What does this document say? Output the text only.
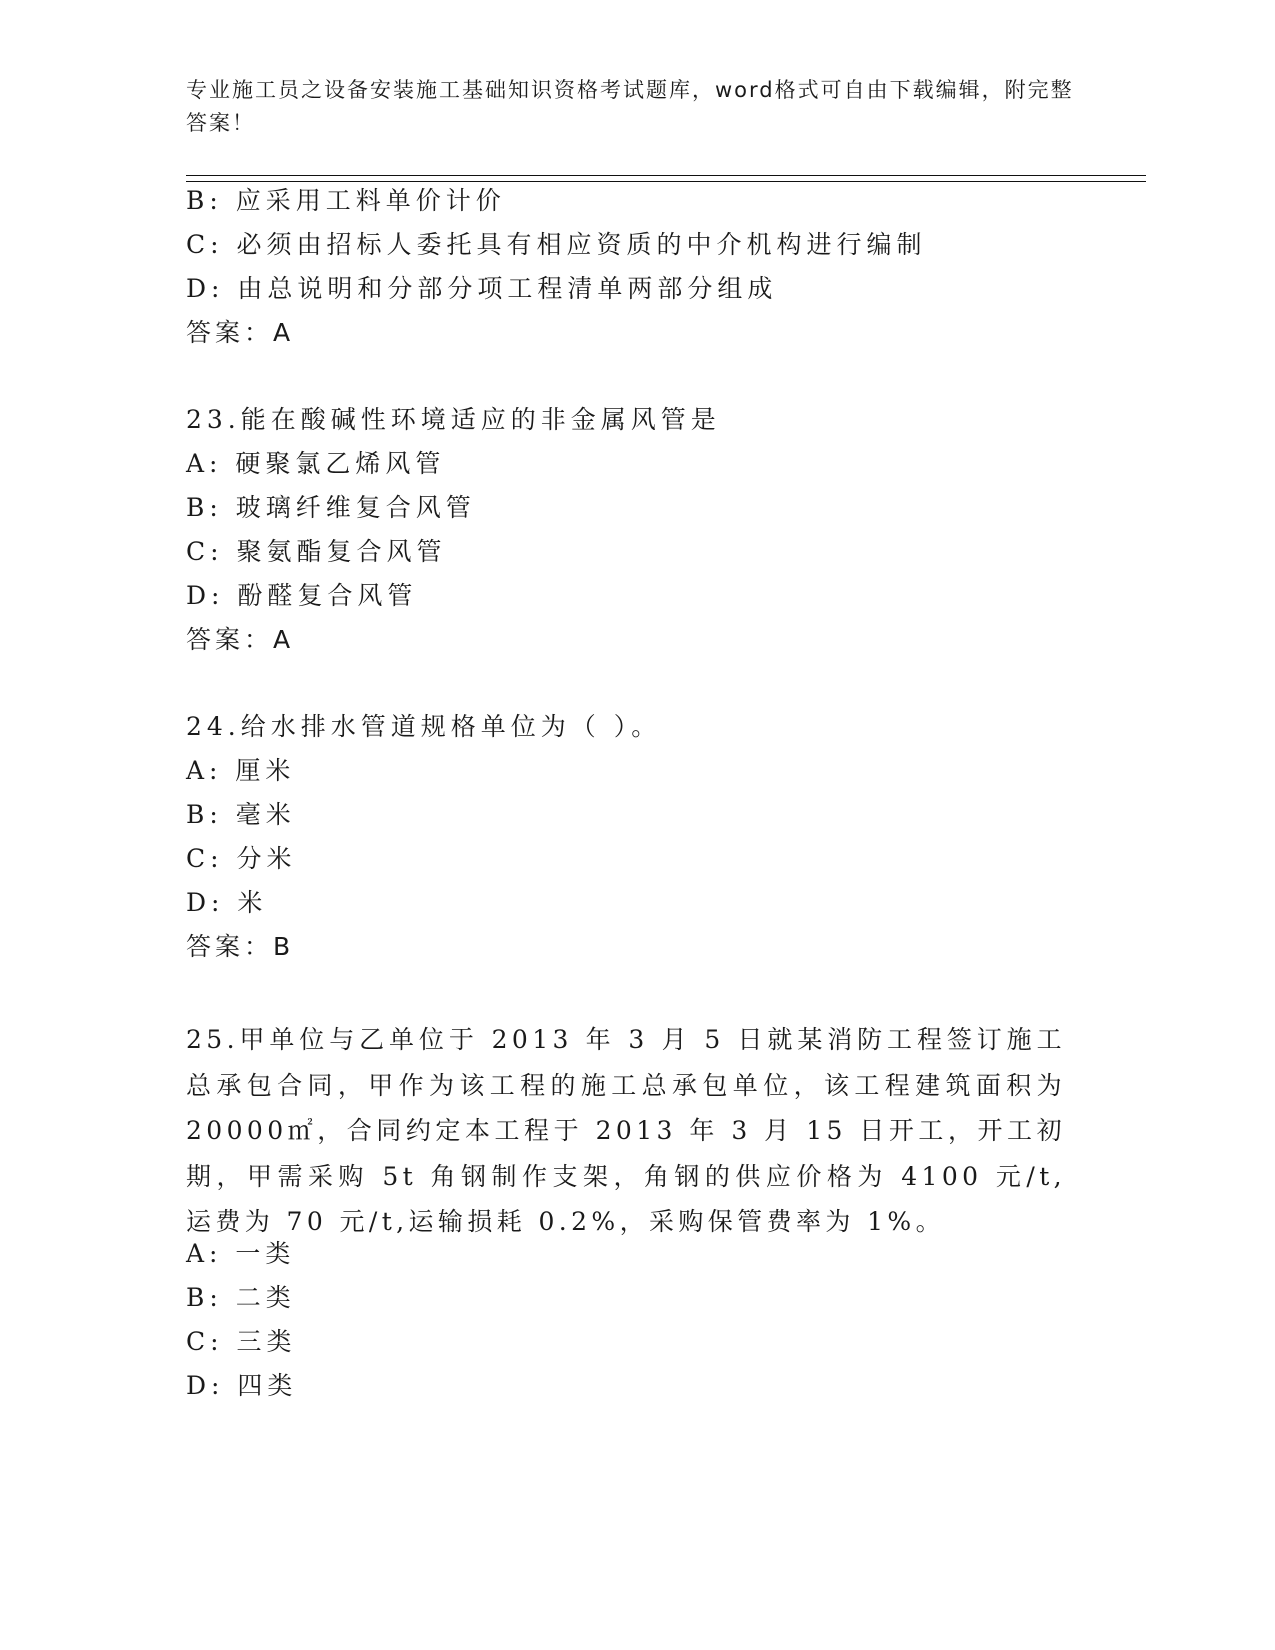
专业施工员之设备安装施工基础知识资格考试题库，word格式可自由下载编辑，附完整答案！
B: 应采用工料单价计价
C: 必须由招标人委托具有相应资质的中介机构进行编制
D: 由总说明和分部分项工程清单两部分组成
答案：A
23.能在酸碱性环境适应的非金属风管是
A: 硬聚氯乙烯风管
B: 玻璃纤维复合风管
C: 聚氨酯复合风管
D: 酚醛复合风管
答案：A
24.给水排水管道规格单位为（ ）。
A: 厘米
B: 毫米
C: 分米
D: 米
答案：B
25.甲单位与乙单位于 2013 年 3 月 5 日就某消防工程签订施工总承包合同，甲作为该工程的施工总承包单位，该工程建筑面积为 20000㎡，合同约定本工程于 2013 年 3 月 15 日开工，开工初期，甲需采购 5t 角钢制作支架，角钢的供应价格为 4100 元/t,运费为 70 元/t,运输损耗 0.2%，采购保管费率为 1%。
A: 一类
B: 二类
C: 三类
D: 四类
